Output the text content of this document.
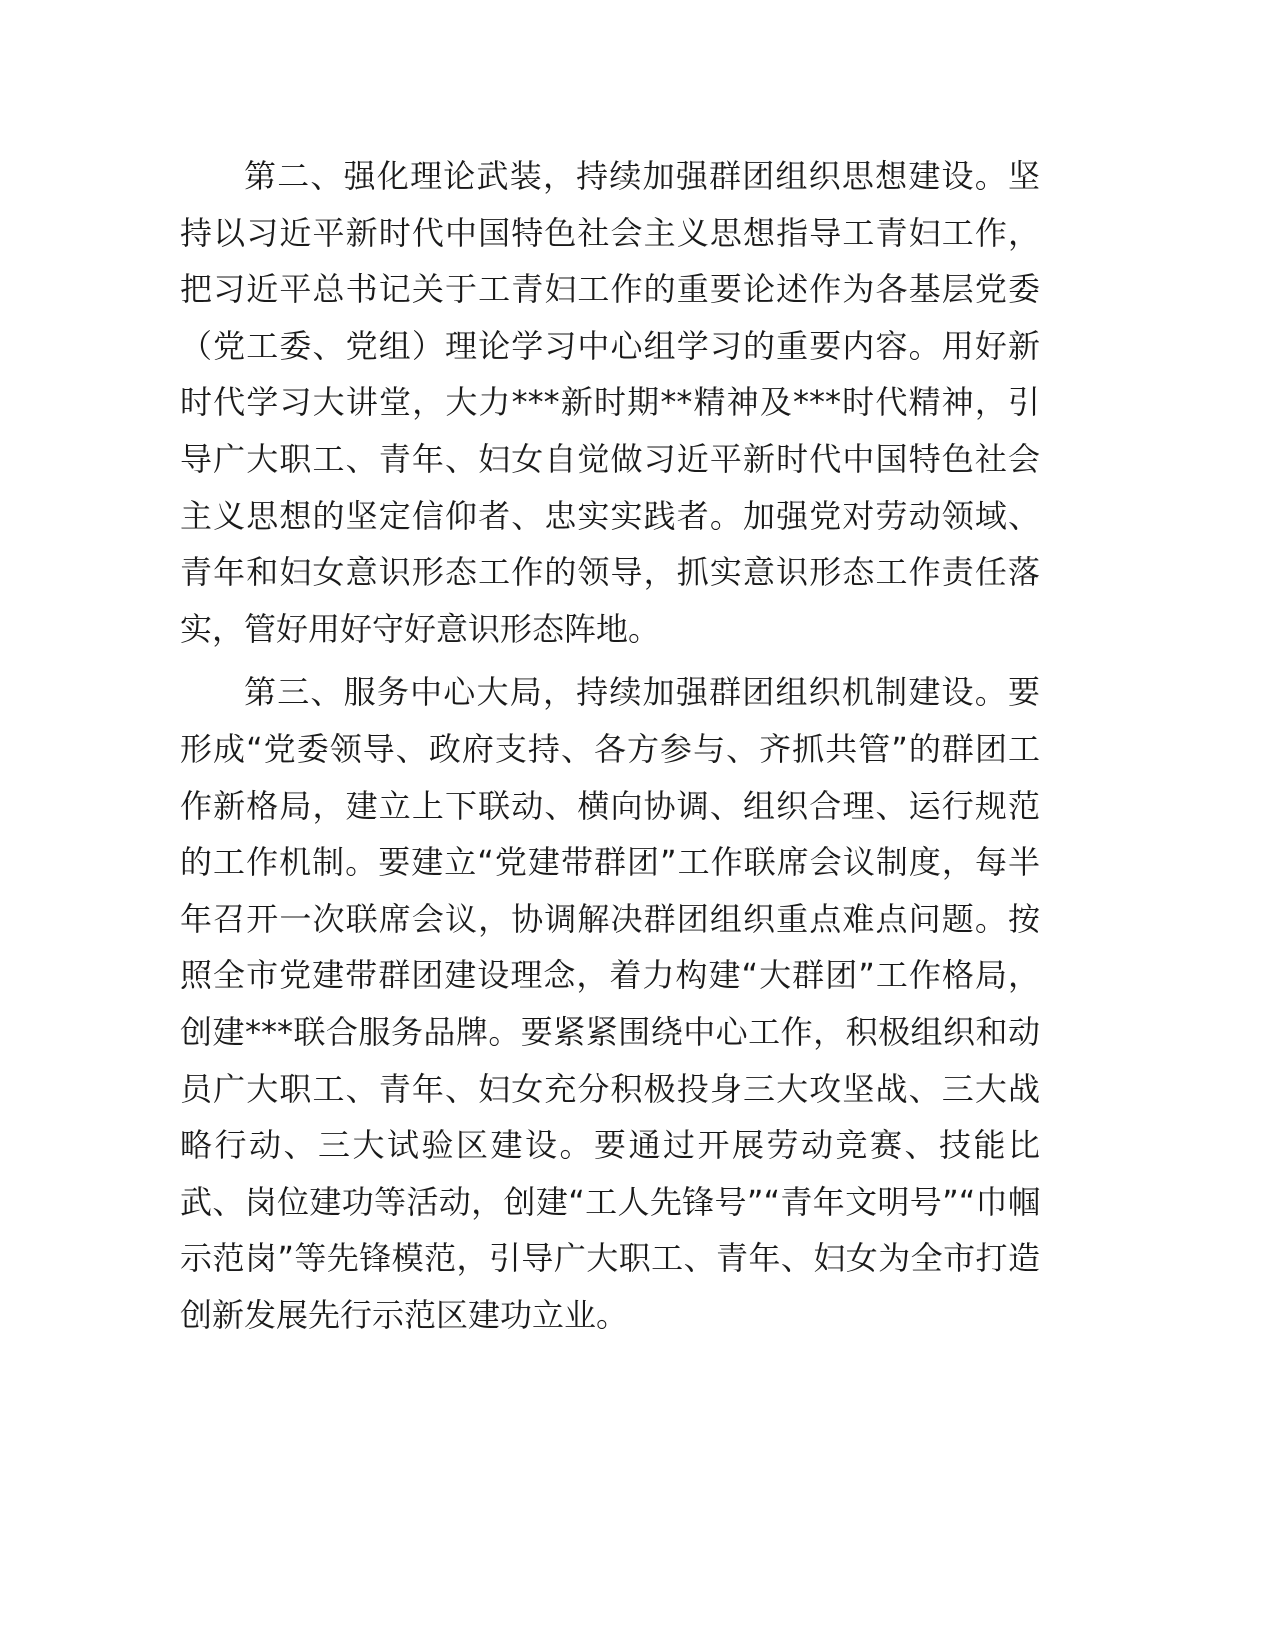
第二、强化理论武装，持续加强群团组织思想建设。坚持以习近平新时代中国特色社会主义思想指导工青妇工作，把习近平总书记关于工青妇工作的重要论述作为各基层党委（党工委、党组）理论学习中心组学习的重要内容。用好新时代学习大讲堂，大力***新时期**精神及***时代精神，引导广大职工、青年、妇女自觉做习近平新时代中国特色社会主义思想的坚定信仰者、忠实实践者。加强党对劳动领域、青年和妇女意识形态工作的领导，抓实意识形态工作责任落实，管好用好守好意识形态阵地。

第三、服务中心大局，持续加强群团组织机制建设。要形成“党委领导、政府支持、各方参与、齐抓共管”的群团工作新格局，建立上下联动、横向协调、组织合理、运行规范的工作机制。要建立“党建带群团”工作联席会议制度，每半年召开一次联席会议，协调解决群团组织重点难点问题。按照全市党建带群团建设理念，着力构建“大群团”工作格局，创建***联合服务品牌。要紧紧围绕中心工作，积极组织和动员广大职工、青年、妇女充分积极投身三大攻坚战、三大战略行动、三大试验区建设。要通过开展劳动竞赛、技能比武、岗位建功等活动，创建“工人先锋号”“青年文明号”“巾帼示范岗”等先锋模范，引导广大职工、青年、妇女为全市打造创新发展先行示范区建功立业。
